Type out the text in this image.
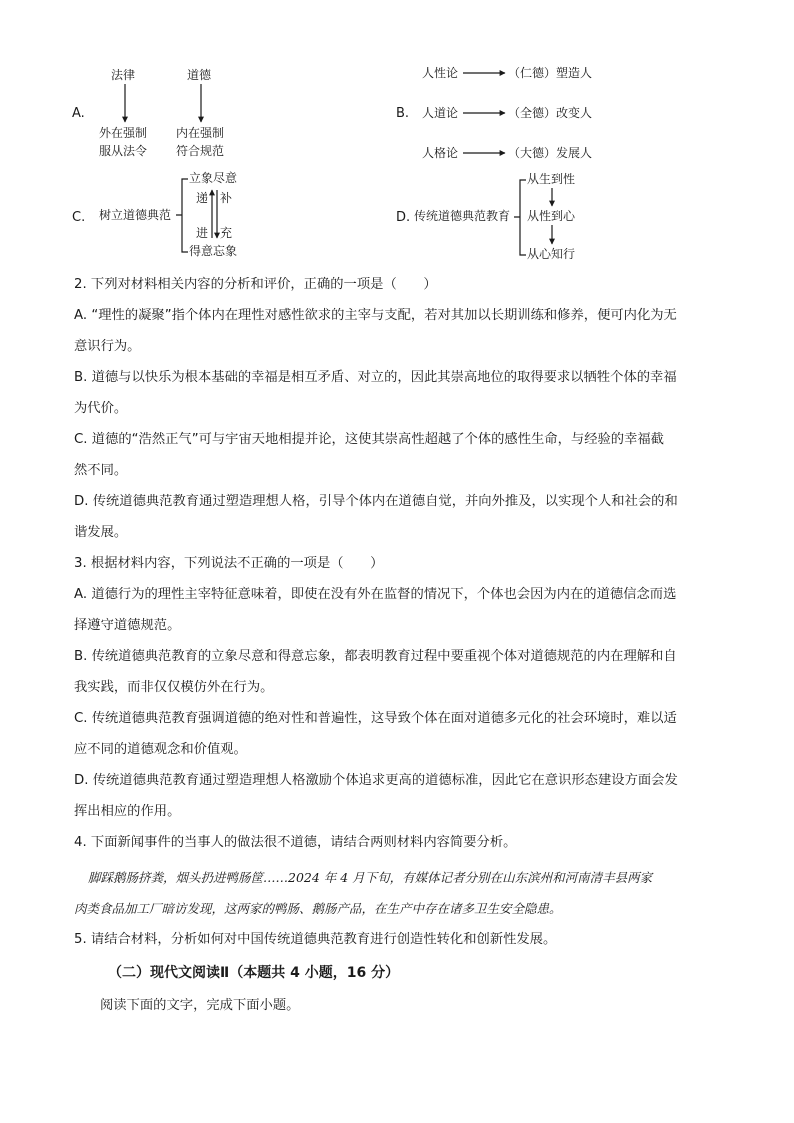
A.
法律
外在强制
服从法令
道德
内在强制
符合规范
B.
人性论	（仁德）塑造人
人道论	（全德）改变人
人格论	（大德）发展人
C. 树立道德典范
立象尽意
得意忘象
递
进
补
充
D. 传统道德典范教育
从生到性
从性到心
从心知行
2. 下列对材料相关内容的分析和评价，正确的一项是（　　）
A. “理性的凝聚”指个体内在理性对感性欲求的主宰与支配，若对其加以长期训练和修养，便可内化为无
意识行为。
B. 道德与以快乐为根本基础的幸福是相互矛盾、对立的，因此其崇高地位的取得要求以牺牲个体的幸福
为代价。
C. 道德的“浩然正气”可与宇宙天地相提并论，这使其崇高性超越了个体的感性生命，与经验的幸福截
然不同。
D. 传统道德典范教育通过塑造理想人格，引导个体内在道德自觉，并向外推及，以实现个人和社会的和
谐发展。
3. 根据材料内容，下列说法不正确的一项是（　　）
A. 道德行为的理性主宰特征意味着，即使在没有外在监督的情况下，个体也会因为内在的道德信念而选
择遵守道德规范。
B. 传统道德典范教育的立象尽意和得意忘象，都表明教育过程中要重视个体对道德规范的内在理解和自
我实践，而非仅仅模仿外在行为。
C. 传统道德典范教育强调道德的绝对性和普遍性，这导致个体在面对道德多元化的社会环境时，难以适
应不同的道德观念和价值观。
D. 传统道德典范教育通过塑造理想人格激励个体追求更高的道德标准，因此它在意识形态建设方面会发
挥出相应的作用。
4. 下面新闻事件的当事人的做法很不道德，请结合两则材料内容简要分析。
脚踩鹅肠挤粪，烟头扔进鸭肠筐……2024 年 4 月下旬，有媒体记者分别在山东滨州和河南清丰县两家
肉类食品加工厂暗访发现，这两家的鸭肠、鹅肠产品，在生产中存在诸多卫生安全隐患。
5. 请结合材料，分析如何对中国传统道德典范教育进行创造性转化和创新性发展。
（二）现代文阅读Ⅱ（本题共 4 小题，16 分）
阅读下面的文字，完成下面小题。
